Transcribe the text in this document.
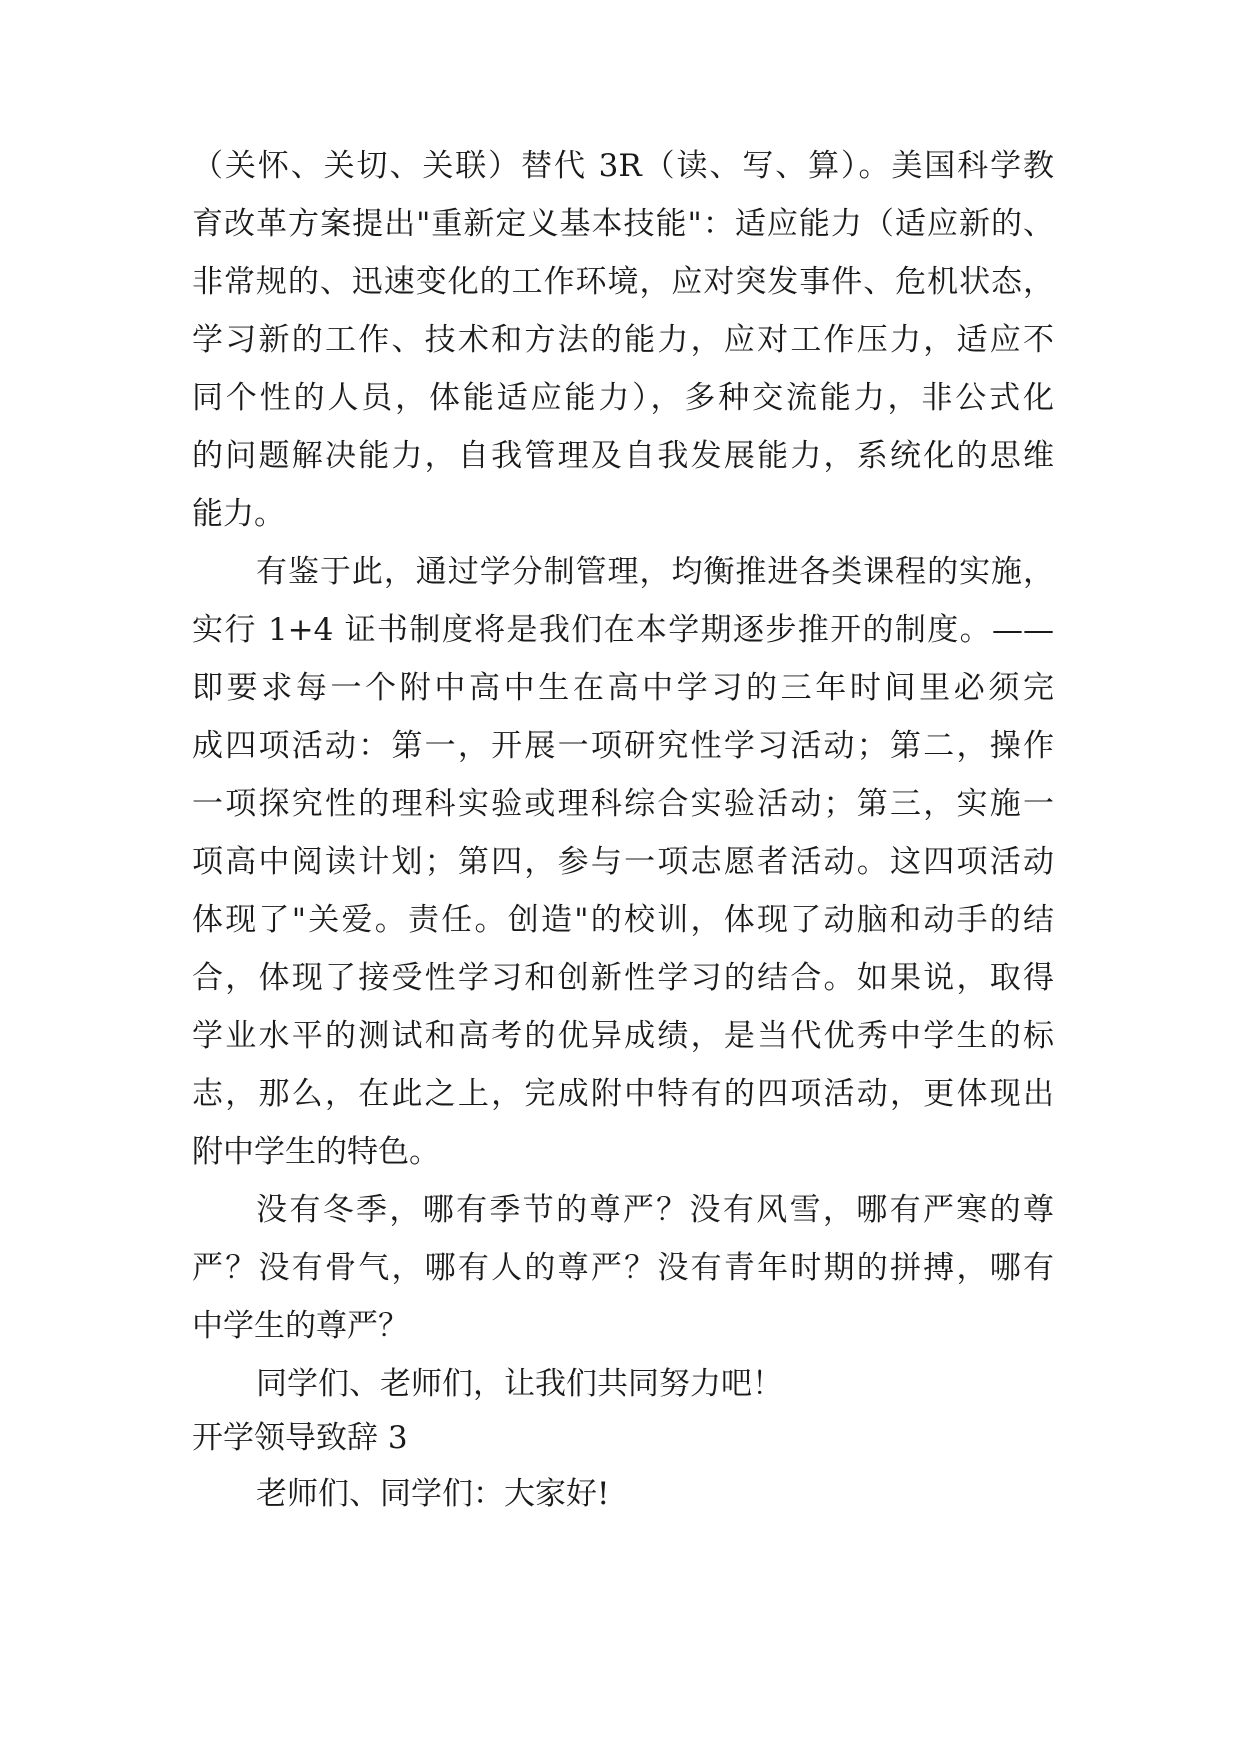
（关怀、关切、关联）替代 3R（读、写、算）。美国科学教
育改革方案提出"重新定义基本技能"：适应能力（适应新的、
非常规的、迅速变化的工作环境，应对突发事件、危机状态，
学习新的工作、技术和方法的能力，应对工作压力，适应不
同个性的人员，体能适应能力），多种交流能力，非公式化
的问题解决能力，自我管理及自我发展能力，系统化的思维
能力。
有鉴于此，通过学分制管理，均衡推进各类课程的实施，
实行 1+4 证书制度将是我们在本学期逐步推开的制度。——
即要求每一个附中高中生在高中学习的三年时间里必须完
成四项活动：第一，开展一项研究性学习活动；第二，操作
一项探究性的理科实验或理科综合实验活动；第三，实施一
项高中阅读计划；第四，参与一项志愿者活动。这四项活动
体现了"关爱。责任。创造"的校训，体现了动脑和动手的结
合，体现了接受性学习和创新性学习的结合。如果说，取得
学业水平的测试和高考的优异成绩，是当代优秀中学生的标
志，那么，在此之上，完成附中特有的四项活动，更体现出
附中学生的特色。
没有冬季，哪有季节的尊严？没有风雪，哪有严寒的尊
严？没有骨气，哪有人的尊严？没有青年时期的拼搏，哪有
中学生的尊严？
同学们、老师们，让我们共同努力吧！
开学领导致辞 3
老师们、同学们：大家好!
